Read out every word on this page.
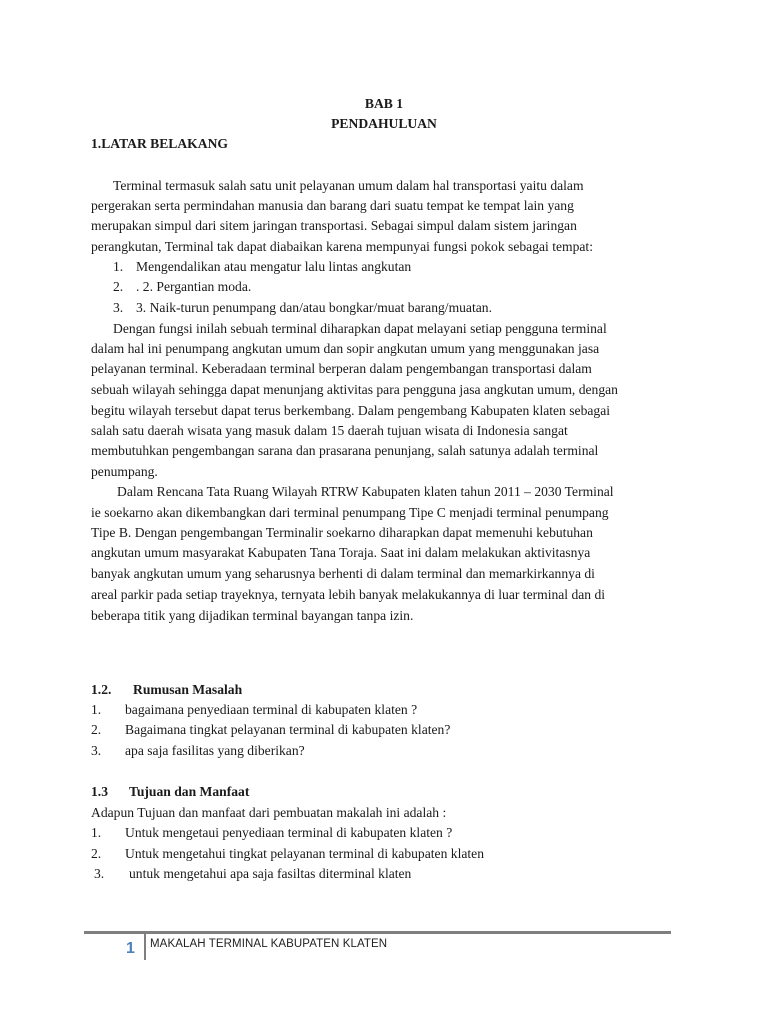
BAB 1
PENDAHULUAN
1.LATAR BELAKANG
Terminal termasuk salah satu unit pelayanan umum dalam hal transportasi yaitu dalam
pergerakan serta permindahan manusia dan barang dari suatu tempat ke tempat lain yang
merupakan simpul dari sitem jaringan transportasi. Sebagai simpul dalam sistem jaringan
perangkutan, Terminal tak dapat diabaikan karena mempunyai fungsi pokok sebagai tempat:
1. Mengendalikan atau mengatur lalu lintas angkutan
2. . 2. Pergantian moda.
3. 3. Naik-turun penumpang dan/atau bongkar/muat barang/muatan.
Dengan fungsi inilah sebuah terminal diharapkan dapat melayani setiap pengguna terminal
dalam hal ini penumpang angkutan umum dan sopir angkutan umum yang menggunakan jasa
pelayanan terminal. Keberadaan terminal berperan dalam pengembangan transportasi dalam
sebuah wilayah sehingga dapat menunjang aktivitas para pengguna jasa angkutan umum, dengan
begitu wilayah tersebut dapat terus berkembang. Dalam pengembang Kabupaten klaten sebagai
salah satu daerah wisata yang masuk dalam 15 daerah tujuan wisata di Indonesia sangat
membutuhkan pengembangan sarana dan prasarana penunjang, salah satunya adalah terminal
penumpang.
Dalam Rencana Tata Ruang Wilayah RTRW Kabupaten klaten tahun 2011 – 2030 Terminal
ie soekarno akan dikembangkan dari terminal penumpang Tipe C menjadi terminal penumpang
Tipe B. Dengan pengembangan Terminalir soekarno diharapkan dapat memenuhi kebutuhan
angkutan umum masyarakat Kabupaten Tana Toraja. Saat ini dalam melakukan aktivitasnya
banyak angkutan umum yang seharusnya berhenti di dalam terminal dan memarkirkannya di
areal parkir pada setiap trayeknya, ternyata lebih banyak melakukannya di luar terminal dan di
beberapa titik yang dijadikan terminal bayangan tanpa izin.
1.2. Rumusan Masalah
1. bagaimana penyediaan terminal di kabupaten klaten ?
2. Bagaimana tingkat pelayanan terminal di kabupaten klaten?
3. apa saja fasilitas yang diberikan?
1.3 Tujuan dan Manfaat
Adapun Tujuan dan manfaat dari pembuatan makalah ini adalah :
1. Untuk mengetaui penyediaan terminal di kabupaten klaten ?
2. Untuk mengetahui tingkat pelayanan terminal di kabupaten klaten
3. untuk mengetahui apa saja fasiltas diterminal klaten
1 MAKALAH TERMINAL KABUPATEN KLATEN
